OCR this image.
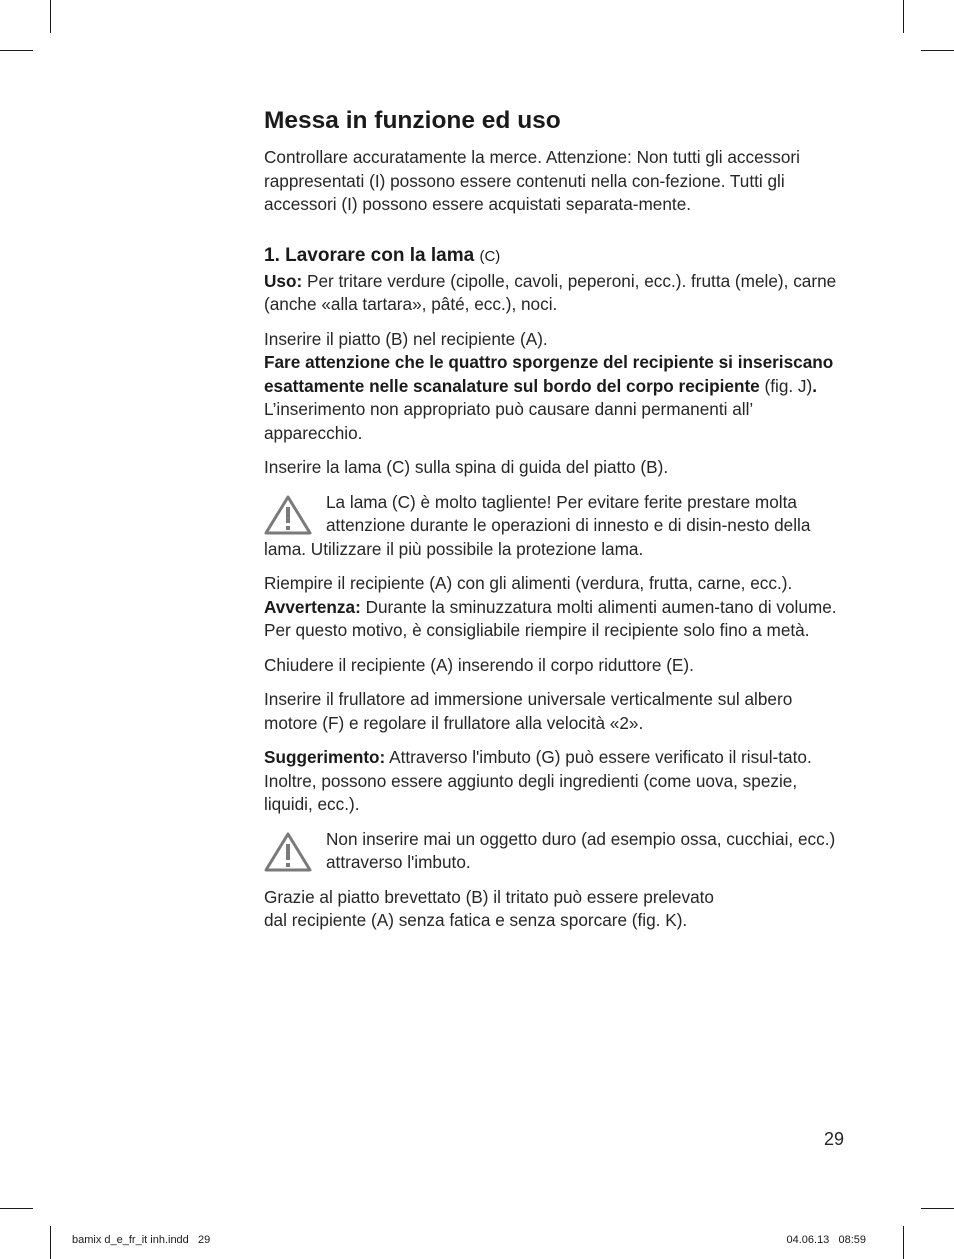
Messa in funzione ed uso

Controllare accuratamente la merce. Attenzione: Non tutti gli accessori rappresentati (I) possono essere contenuti nella con-fezione. Tutti gli accessori (I) possono essere acquistati separata-mente.

1. Lavorare con la lama (C)

Uso: Per tritare verdure (cipolle, cavoli, peperoni, ecc.). frutta (mele), carne (anche «alla tartara», pâté, ecc.), noci.

Inserire il piatto (B) nel recipiente (A).

Fare attenzione che le quattro sporgenze del recipiente si inseriscano esattamente nelle scanalature sul bordo del corpo recipiente (fig. J). L’inserimento non appropriato può causare danni permanenti all’ apparecchio.

Inserire la lama (C) sulla spina di guida del piatto (B).

La lama (C) è molto tagliente! Per evitare ferite prestare molta attenzione durante le operazioni di innesto e di disin-nesto della lama. Utilizzare il più possibile la protezione lama.

Riempire il recipiente (A) con gli alimenti (verdura, frutta, carne, ecc.). Avvertenza: Durante la sminuzzatura molti alimenti aumen-tano di volume. Per questo motivo, è consigliabile riempire il recipiente solo fino a metà.

Chiudere il recipiente (A) inserendo il corpo riduttore (E).

Inserire il frullatore ad immersione universale verticalmente sul albero motore (F) e regolare il frullatore alla velocità «2».

Suggerimento: Attraverso l'imbuto (G) può essere verificato il risul-tato. Inoltre, possono essere aggiunto degli ingredienti (come uova, spezie, liquidi, ecc.).

Non inserire mai un oggetto duro (ad esempio ossa, cucchiai, ecc.) attraverso l'imbuto.

Grazie al piatto brevettato (B) il tritato può essere prelevato
dal recipiente (A) senza fatica e senza sporcare (fig. K).

29
bamix d_e_fr_it inh.indd   29	04.06.13   08:59
